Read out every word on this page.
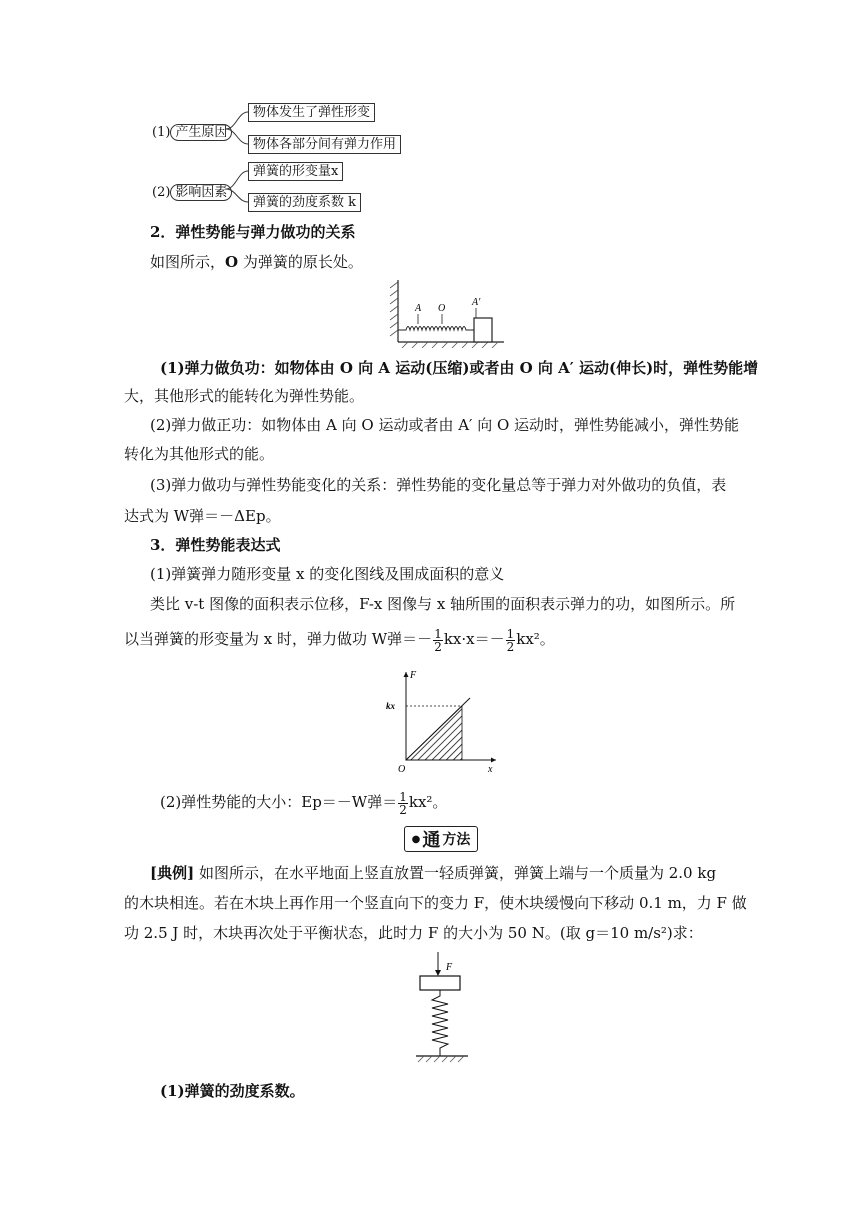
(1) 产生原因
物体发生了弹性形变
物体各部分间有弹力作用
(2) 影响因素
弹簧的形变量x
弹簧的劲度系数 k
2．弹性势能与弹力做功的关系
如图所示，O 为弹簧的原长处。
A O
A′
(1)弹力做负功：如物体由 O 向 A 运动(压缩)或者由 O 向 A′ 运动(伸长)时，弹性势能增
大，其他形式的能转化为弹性势能。
(2)弹力做正功：如物体由 A 向 O 运动或者由 A′ 向 O 运动时，弹性势能减小，弹性势能
转化为其他形式的能。
(3)弹力做功与弹性势能变化的关系：弹性势能的变化量总等于弹力对外做功的负值，表
达式为 W弹＝－ΔEp。
3．弹性势能表达式
(1)弹簧弹力随形变量 x 的变化图线及围成面积的意义
类比 v-t 图像的面积表示位移，F-x 图像与 x 轴所围的面积表示弹力的功，如图所示。所
以当弹簧的形变量为 x 时，弹力做功 W弹＝－ $\frac{1}{2} kx\cdot x=- \frac{1}{2} kx^2$。
F
x
O
kx
(2)弹性势能的大小：Ep＝－W弹＝ $\frac{1}{2} kx^2$。
● 通 方法
[典例] 如图所示，在水平地面上竖直放置一轻质弹簧，弹簧上端与一个质量为 2.0 kg
的木块相连。若在木块上再作用一个竖直向下的变力 F，使木块缓慢向下移动 0.1 m，力 F 做
功 2.5 J 时，木块再次处于平衡状态，此时力 F 的大小为 50 N。(取 g＝10 m/s²)求：
F
(1)弹簧的劲度系数。
